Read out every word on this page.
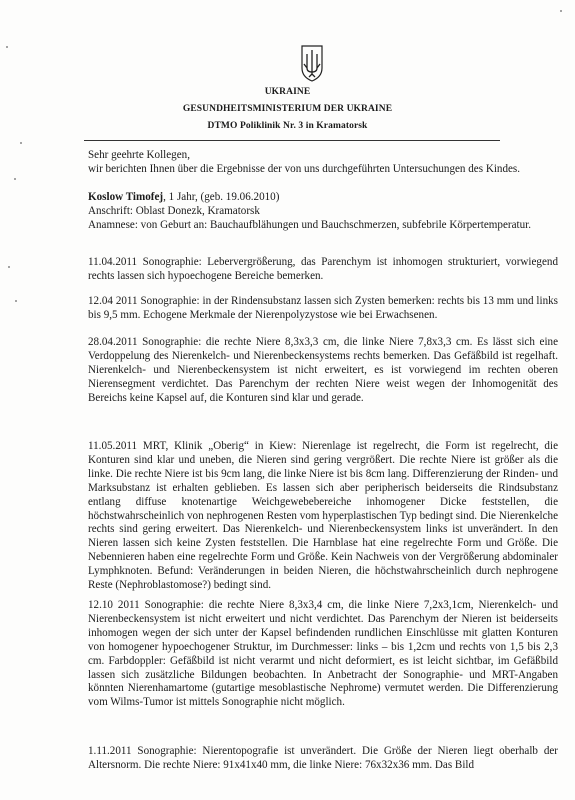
UKRAINE
GESUNDHEITSMINISTERIUM DER UKRAINE
DTMO Poliklinik Nr. 3 in Kramatorsk

Sehr geehrte Kollegen,

wir berichten Ihnen über die Ergebnisse der von uns durchgeführten Untersuchungen des Kindes.

Koslow Timofej, 1 Jahr, (geb. 19.06.2010)

Anschrift: Oblast Donezk, Kramatorsk

Anamnese: von Geburt an: Bauchaufblähungen und Bauchschmerzen, subfebrile Körpertemperatur.

11.04.2011 Sonographie: Lebervergrößerung, das Parenchym ist inhomogen strukturiert, vorwiegend rechts lassen sich hypoechogene Bereiche bemerken.
12.04 2011 Sonographie: in der Rindensubstanz lassen sich Zysten bemerken: rechts bis 13 mm und links bis 9,5 mm. Echogene Merkmale der Nierenpolyzystose wie bei Erwachsenen.
28.04.2011 Sonographie: die rechte Niere 8,3x3,3 cm, die linke Niere 7,8x3,3 cm. Es lässt sich eine Verdoppelung des Nierenkelch- und Nierenbeckensystems rechts bemerken. Das Gefäßbild ist regelhaft. Nierenkelch- und Nierenbeckensystem ist nicht erweitert, es ist vorwiegend im rechten oberen Nierensegment verdichtet. Das Parenchym der rechten Niere weist wegen der Inhomogenität des Bereichs keine Kapsel auf, die Konturen sind klar und gerade.
11.05.2011 MRT, Klinik „Oberig“ in Kiew: Nierenlage ist regelrecht, die Form ist regelrecht, die Konturen sind klar und uneben, die Nieren sind gering vergrößert. Die rechte Niere ist größer als die linke. Die rechte Niere ist bis 9cm lang, die linke Niere ist bis 8cm lang. Differenzierung der Rinden- und Marksubstanz ist erhalten geblieben. Es lassen sich aber peripherisch beiderseits die Rindsubstanz entlang diffuse knotenartige Weichgewebebereiche inhomogener Dicke feststellen, die höchstwahrscheinlich von nephrogenen Resten vom hyperplastischen Typ bedingt sind. Die Nierenkelche rechts sind gering erweitert. Das Nierenkelch- und Nierenbeckensystem links ist unverändert. In den Nieren lassen sich keine Zysten feststellen. Die Harnblase hat eine regelrechte Form und Größe. Die Nebennieren haben eine regelrechte Form und Größe. Kein Nachweis von der Vergrößerung abdominaler Lymphknoten. Befund: Veränderungen in beiden Nieren, die höchstwahrscheinlich durch nephrogene Reste (Nephroblastomose?) bedingt sind.
12.10 2011 Sonographie: die rechte Niere 8,3x3,4 cm, die linke Niere 7,2x3,1cm, Nierenkelch- und Nierenbeckensystem ist nicht erweitert und nicht verdichtet. Das Parenchym der Nieren ist beiderseits inhomogen wegen der sich unter der Kapsel befindenden rundlichen Einschlüsse mit glatten Konturen von homogener hypoechogener Struktur, im Durchmesser: links – bis 1,2cm und rechts von 1,5 bis 2,3 cm. Farbdoppler: Gefäßbild ist nicht verarmt und nicht deformiert, es ist leicht sichtbar, im Gefäßbild lassen sich zusätzliche Bildungen beobachten. In Anbetracht der Sonographie- und MRT-Angaben könnten Nierenhamartome (gutartige mesoblastische Nephrome) vermutet werden. Die Differenzierung vom Wilms-Tumor ist mittels Sonographie nicht möglich.
1.11.2011 Sonographie: Nierentopografie ist unverändert. Die Größe der Nieren liegt oberhalb der Altersnorm. Die rechte Niere: 91x41x40 mm, die linke Niere: 76x32x36 mm. Das Bild
